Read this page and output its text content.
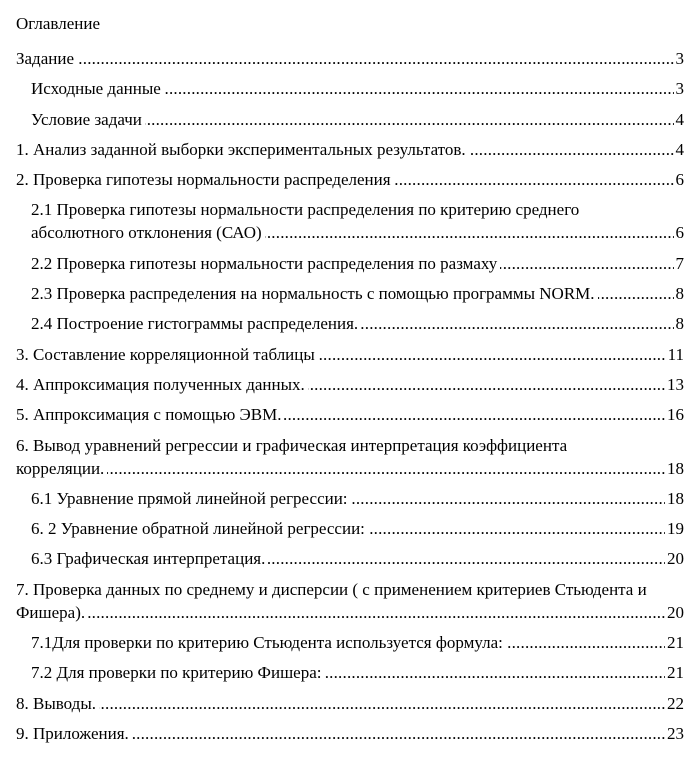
Оглавление
Задание	3
.....
Исходные данные	3
.....
Условие задачи	4
.....
1. Анализ заданной выборки экспериментальных результатов.	4
.....
2. Проверка гипотезы нормальности распределения	6
.....
2.1 Проверка гипотезы нормальности распределения по критерию среднего абсолютного отклонения (САО)	6
.....
2.2 Проверка гипотезы нормальности распределения по размаху	7
.....
2.3 Проверка распределения на нормальность с помощью программы NORM.	8
.....
2.4 Построение гистограммы распределения.	8
.....
3. Составление корреляционной таблицы	11
.....
4. Аппроксимация полученных данных.	13
.....
5. Аппроксимация с помощью ЭВМ.	16
.....
6. Вывод уравнений регрессии и графическая интерпретация коэффициента корреляции.	18
.....
6.1 Уравнение прямой линейной регрессии:	18
.....
6. 2 Уравнение обратной линейной регрессии:	19
.....
6.3 Графическая интерпретация.	20
.....
7. Проверка данных по среднему и дисперсии ( с применением критериев Стьюдента и Фишера).	20
.....
7.1Для проверки по критерию Стьюдента используется формула:	21
.....
7.2 Для проверки по критерию Фишера:	21
.....
8. Выводы.	22
.....
9. Приложения.	23
.....
